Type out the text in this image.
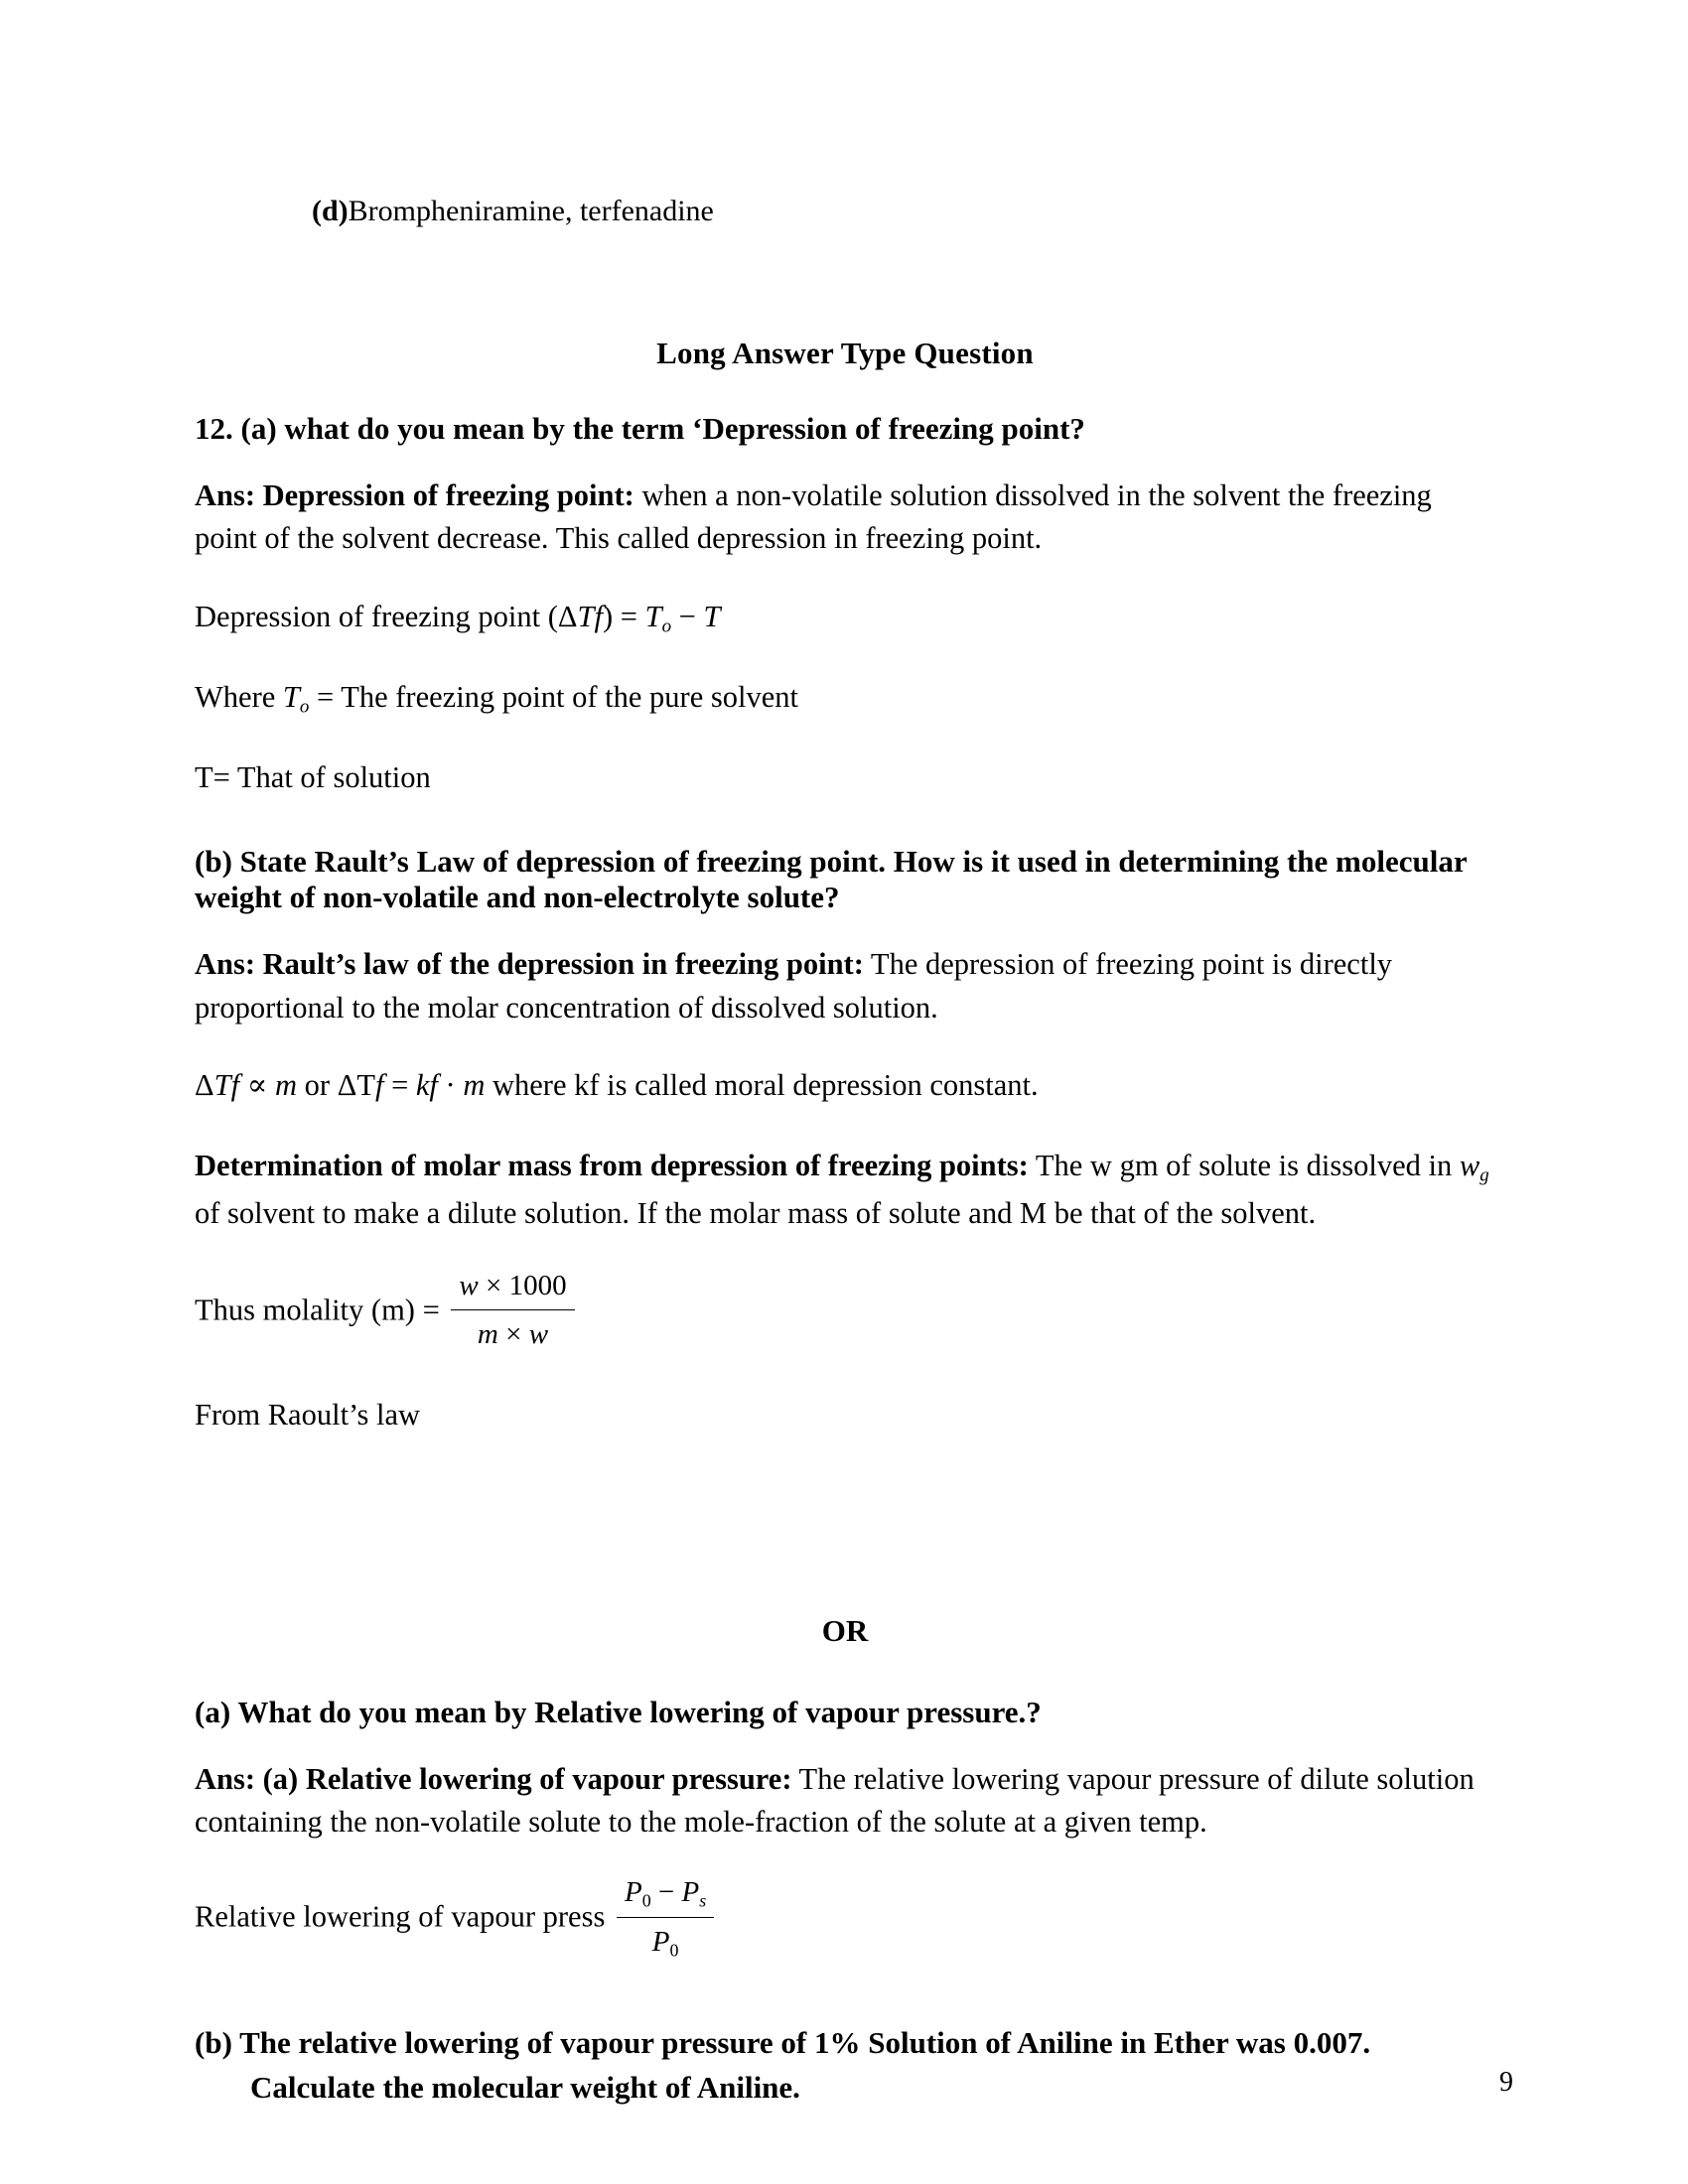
(d)Brompheniramine, terfenadine
Long Answer Type Question
12. (a) what do you mean by the term ‘Depression of freezing point?
Ans: Depression of freezing point: when a non-volatile solution dissolved in the solvent the freezing point of the solvent decrease. This called depression in freezing point.
Depression of freezing point $(\Delta Tf) = T_o - T$
Where $T_o$ = The freezing point of the pure solvent
T= That of solution
(b) State Rault’s Law of depression of freezing point. How is it used in determining the molecular weight of non-volatile and non-electrolyte solute?
Ans: Rault’s law of the depression in freezing point: The depression of freezing point is directly proportional to the molar concentration of dissolved solution.
ΔTf ∝ m or ΔTf = kf · m where kf is called moral depression constant.
Determination of molar mass from depression of freezing points: The w gm of solute is dissolved in $w_g$ of solvent to make a dilute solution. If the molar mass of solute and M be that of the solvent.
Thus molality $(m) = \frac{w \times 1000}{m \times w}$
From Raoult’s law
OR
(a) What do you mean by Relative lowering of vapour pressure.?
Ans: (a) Relative lowering of vapour pressure: The relative lowering vapour pressure of dilute solution containing the non-volatile solute to the mole-fraction of the solute at a given temp.
Relative lowering of vapour press $\frac{P_0 - P_s}{P_0}$
(b) The relative lowering of vapour pressure of 1% Solution of Aniline in Ether was 0.007. Calculate the molecular weight of Aniline.	9
